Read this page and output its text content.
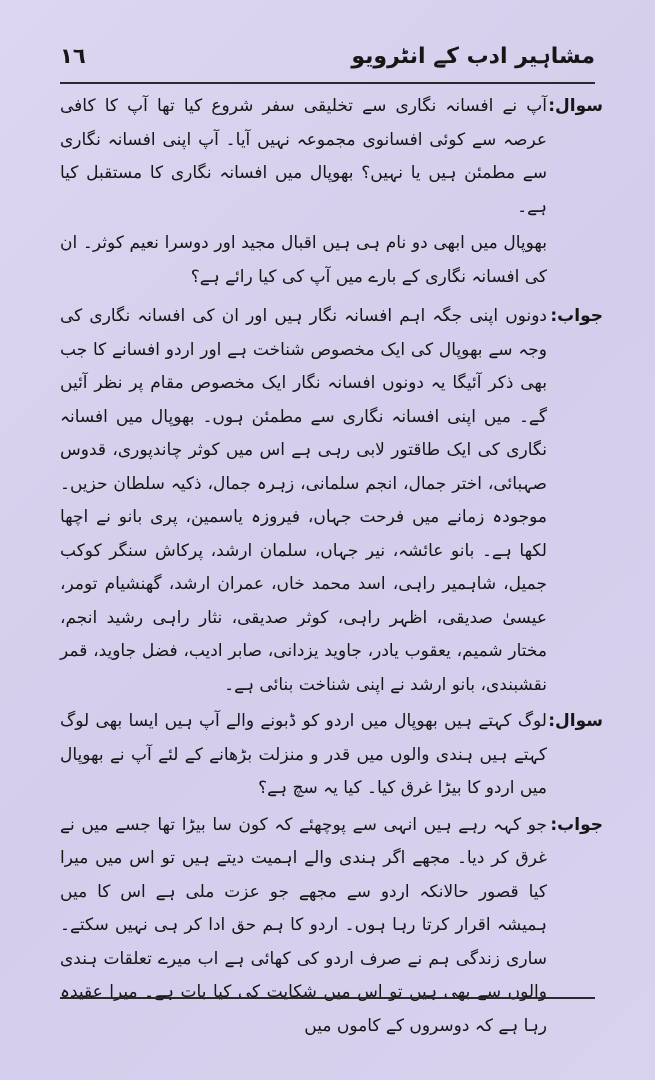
١٦	مشاہیر ادب کے انٹرویو
سوال:

آپ نے افسانہ نگاری سے تخلیقی سفر شروع کیا تھا آپ کا کافی عرصہ سے کوئی افسانوی مجموعہ نہیں آیا۔ آپ اپنی افسانہ نگاری سے مطمئن ہیں یا نہیں؟ بھوپال میں افسانہ نگاری کا مستقبل کیا ہے۔

بھوپال میں ابھی دو نام ہی ہیں اقبال مجید اور دوسرا نعیم کوثر۔ ان کی افسانہ نگاری کے بارے میں آپ کی کیا رائے ہے؟

جواب:
دونوں اپنی جگہ اہم افسانہ نگار ہیں اور ان کی افسانہ نگاری کی وجہ سے بھوپال کی ایک مخصوص شناخت ہے اور اردو افسانے کا جب بھی ذکر آئیگا یہ دونوں افسانہ نگار ایک مخصوص مقام پر نظر آئیں گے۔ میں اپنی افسانہ نگاری سے مطمئن ہوں۔ بھوپال میں افسانہ نگاری کی ایک طاقتور لابی رہی ہے اس میں کوثر چاندپوری، قدوس صہبائی، اختر جمال، انجم سلمانی، زہرہ جمال، ذکیہ سلطان حزیں۔ موجودہ زمانے میں فرحت جہاں، فیروزہ یاسمین، پری بانو نے اچھا لکھا ہے۔ بانو عائشہ، نیر جہاں، سلمان ارشد، پرکاش سنگر کوکب جمیل، شاہمیر راہی، اسد محمد خاں، عمران ارشد، گھنشیام تومر، عیسیٰ صدیقی، اظہر راہی، کوثر صدیقی، نثار راہی رشید انجم، مختار شمیم، یعقوب یادر، جاوید یزدانی، صابر ادیب، فضل جاوید، قمر نقشبندی، بانو ارشد نے اپنی شناخت بنائی ہے۔
سوال:
لوگ کہتے ہیں بھوپال میں اردو کو ڈبونے والے آپ ہیں ایسا بھی لوگ کہتے ہیں ہندی والوں میں قدر و منزلت بڑھانے کے لئے آپ نے بھوپال میں اردو کا بیڑا غرق کیا۔ کیا یہ سچ ہے؟
جواب:
جو کہہ رہے ہیں انہی سے پوچھئے کہ کون سا بیڑا تھا جسے میں نے غرق کر دیا۔ مجھے اگر ہندی والے اہمیت دیتے ہیں تو اس میں میرا کیا قصور حالانکہ اردو سے مجھے جو عزت ملی ہے اس کا میں ہمیشہ اقرار کرتا رہا ہوں۔ اردو کا ہم حق ادا کر ہی نہیں سکتے۔ ساری زندگی ہم نے صرف اردو کی کھائی ہے اب میرے تعلقات ہندی والوں سے بھی ہیں تو اس میں شکایت کی کیا بات ہے۔ میرا عقیدہ رہا ہے کہ دوسروں کے کاموں میں
